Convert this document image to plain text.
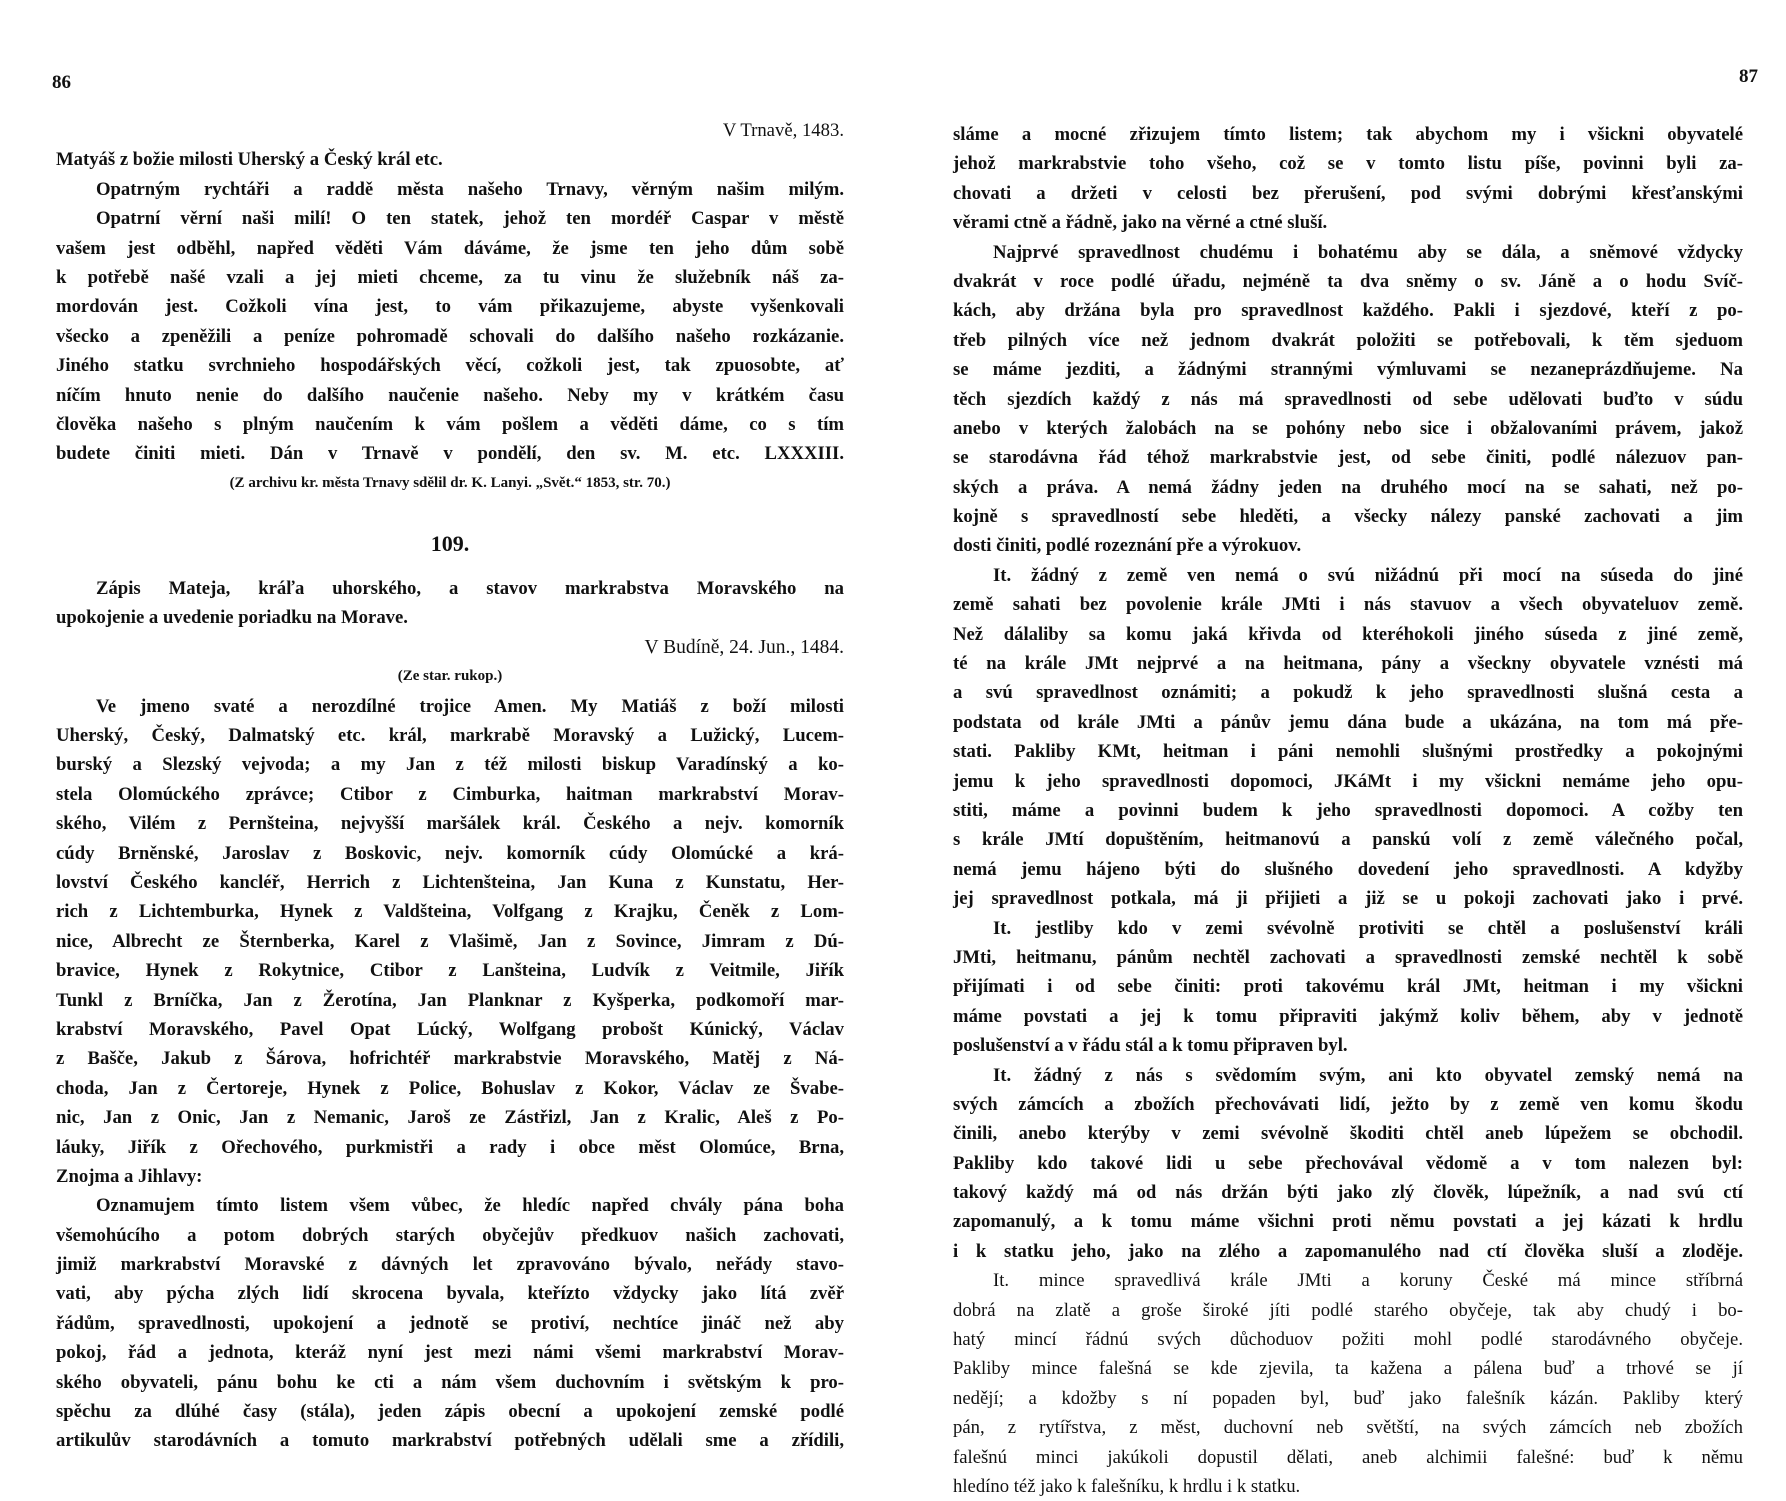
86
V Trnavě, 1483.
Matyáš z božie milosti Uherský a Český král etc.
Opatrným rychtáři a raddě města našeho Trnavy, věrným našim milým.
Opatrní věrní naši milí! O ten statek, jehož ten mordéř Caspar v městě
vašem jest odběhl, napřed věděti Vám dáváme, že jsme ten jeho dům sobě
k potřebě našé vzali a jej mieti chceme, za tu vinu že služebník náš za-
mordován jest. Cožkoli vína jest, to vám přikazujeme, abyste vyšenkovali
všecko a zpeněžili a peníze pohromadě schovali do dalšího našeho rozkázanie.
Jiného statku svrchnieho hospodářských věcí, cožkoli jest, tak zpuosobte, ať
níčím hnuto nenie do dalšího naučenie našeho. Neby my v krátkém času
člověka našeho s plným naučením k vám pošlem a věděti dáme, co s tím
budete činiti mieti. Dán v Trnavě v pondělí, den sv. M. etc. LXXXIII.
(Z archivu kr. města Trnavy sdělil dr. K. Lanyi. „Svět.“ 1853, str. 70.)
109.
Zápis Mateja, kráľa uhorského, a stavov markrabstva Moravského na
upokojenie a uvedenie poriadku na Morave.
V Budíně, 24. Jun., 1484.
(Ze star. rukop.)
Ve jmeno svaté a nerozdílné trojice Amen. My Matiáš z boží milosti
Uherský, Český, Dalmatský etc. král, markrabě Moravský a Lužický, Lucem-
burský a Slezský vejvoda; a my Jan z též milosti biskup Varadínský a ko-
stela Olomúckého zprávce; Ctibor z Cimburka, haitman markrabství Morav-
ského, Vilém z Pernšteina, nejvyšší maršálek král. Českého a nejv. komorník
cúdy Brněnské, Jaroslav z Boskovic, nejv. komorník cúdy Olomúcké a krá-
lovství Českého kancléř, Herrich z Lichtenšteina, Jan Kuna z Kunstatu, Her-
rich z Lichtemburka, Hynek z Valdšteina, Volfgang z Krajku, Čeněk z Lom-
nice, Albrecht ze Šternberka, Karel z Vlašimě, Jan z Sovince, Jimram z Dú-
bravice, Hynek z Rokytnice, Ctibor z Lanšteina, Ludvík z Veitmile, Jiřík
Tunkl z Brníčka, Jan z Žerotína, Jan Planknar z Kyšperka, podkomoří mar-
krabství Moravského, Pavel Opat Lúcký, Wolfgang probošt Kúnický, Václav
z Bašče, Jakub z Šárova, hofrichtéř markrabstvie Moravského, Matěj z Ná-
choda, Jan z Čertoreje, Hynek z Police, Bohuslav z Kokor, Václav ze Švabe-
nic, Jan z Onic, Jan z Nemanic, Jaroš ze Zástřizl, Jan z Kralic, Aleš z Po-
láuky, Jiřík z Ořechového, purkmistři a rady i obce měst Olomúce, Brna,
Znojma a Jihlavy:
Oznamujem tímto listem všem vůbec, že hledíc napřed chvály pána boha
všemohúcího a potom dobrých starých obyčejův předkuov našich zachovati,
jimiž markrabství Moravské z dávných let zpravováno bývalo, neřády stavo-
vati, aby pýcha zlých lidí skrocena byvala, kteřízto vždycky jako lítá zvěř
řádům, spravedlnosti, upokojení a jednotě se protiví, nechtíce jináč než aby
pokoj, řád a jednota, kteráž nyní jest mezi námi všemi markrabství Morav-
ského obyvateli, pánu bohu ke cti a nám všem duchovním i světským k pro-
spěchu za dlúhé časy (stála), jeden zápis obecní a upokojení zemské podlé
artikulův starodávních a tomuto markrabství potřebných udělali sme a zřídili,
87
sláme a mocné zřizujem tímto listem; tak abychom my i všickni obyvatelé
jehož markrabstvie toho všeho, což se v tomto listu píše, povinni byli za-
chovati a držeti v celosti bez přerušení, pod svými dobrými křesťanskými
věrami ctně a řádně, jako na věrné a ctné sluší.
Najprvé spravedlnost chudému i bohatému aby se dála, a sněmové vždycky
dvakrát v roce podlé úřadu, nejméně ta dva sněmy o sv. Jáně a o hodu Svíč-
kách, aby držána byla pro spravedlnost každého. Pakli i sjezdové, kteří z po-
třeb pilných více než jednom dvakrát položiti se potřebovali, k těm sjeduom
se máme jezditi, a žádnými strannými výmluvami se nezaneprázdňujeme. Na
těch sjezdích každý z nás má spravedlnosti od sebe udělovati buďto v súdu
anebo v kterých žalobách na se pohóny nebo sice i obžalovaními právem, jakož
se starodávna řád téhož markrabstvie jest, od sebe činiti, podlé nálezuov pan-
ských a práva. A nemá žádny jeden na druhého mocí na se sahati, než po-
kojně s spravedlností sebe hleděti, a všecky nálezy panské zachovati a jim
dosti činiti, podlé rozeznání pře a výrokuov.
It. žádný z země ven nemá o svú nižádnú při mocí na súseda do jiné
země sahati bez povolenie krále JMti i nás stavuov a všech obyvateluov země.
Než dálaliby sa komu jaká křivda od kteréhokoli jiného súseda z jiné země,
té na krále JMt nejprvé a na heitmana, pány a všeckny obyvatele vznésti má
a svú spravedlnost oznámiti; a pokudž k jeho spravedlnosti slušná cesta a
podstata od krále JMti a pánův jemu dána bude a ukázána, na tom má pře-
stati. Pakliby KMt, heitman i páni nemohli slušnými prostředky a pokojnými
jemu k jeho spravedlnosti dopomoci, JKáMt i my všickni nemáme jeho opu-
stiti, máme a povinni budem k jeho spravedlnosti dopomoci. A cožby ten
s krále JMtí dopuštěním, heitmanovú a panskú volí z země válečného počal,
nemá jemu hájeno býti do slušného dovedení jeho spravedlnosti. A kdyžby
jej spravedlnost potkala, má ji přijieti a již se u pokoji zachovati jako i prvé.
It. jestliby kdo v zemi svévolně protiviti se chtěl a poslušenství králi
JMti, heitmanu, pánům nechtěl zachovati a spravedlnosti zemské nechtěl k sobě
přijímati i od sebe činiti: proti takovému král JMt, heitman i my všickni
máme povstati a jej k tomu připraviti jakýmž koliv během, aby v jednotě
poslušenství a v řádu stál a k tomu připraven byl.
It. žádný z nás s svědomím svým, ani kto obyvatel zemský nemá na
svých zámcích a zbožích přechovávati lidí, ježto by z země ven komu škodu
činili, anebo kterýby v zemi svévolně škoditi chtěl aneb lúpežem se obchodil.
Pakliby kdo takové lidi u sebe přechovával vědomě a v tom nalezen byl:
takový každý má od nás držán býti jako zlý člověk, lúpežník, a nad svú ctí
zapomanulý, a k tomu máme všichni proti němu povstati a jej kázati k hrdlu
i k statku jeho, jako na zlého a zapomanulého nad ctí člověka sluší a zloděje.
It. mince spravedlivá krále JMti a koruny České má mince stříbrná
dobrá na zlatě a groše široké jíti podlé starého obyčeje, tak aby chudý i bo-
hatý mincí řádnú svých důchoduov požiti mohl podlé starodávného obyčeje.
Pakliby mince falešná se kde zjevila, ta kažena a pálena buď a trhové se jí
nedějí; a kdožby s ní popaden byl, buď jako falešník kázán. Pakliby který
pán, z rytířstva, z měst, duchovní neb světští, na svých zámcích neb zbožích
falešnú minci jakúkoli dopustil dělati, aneb alchimii falešné: buď k němu
hledíno též jako k falešníku, k hrdlu i k statku.
